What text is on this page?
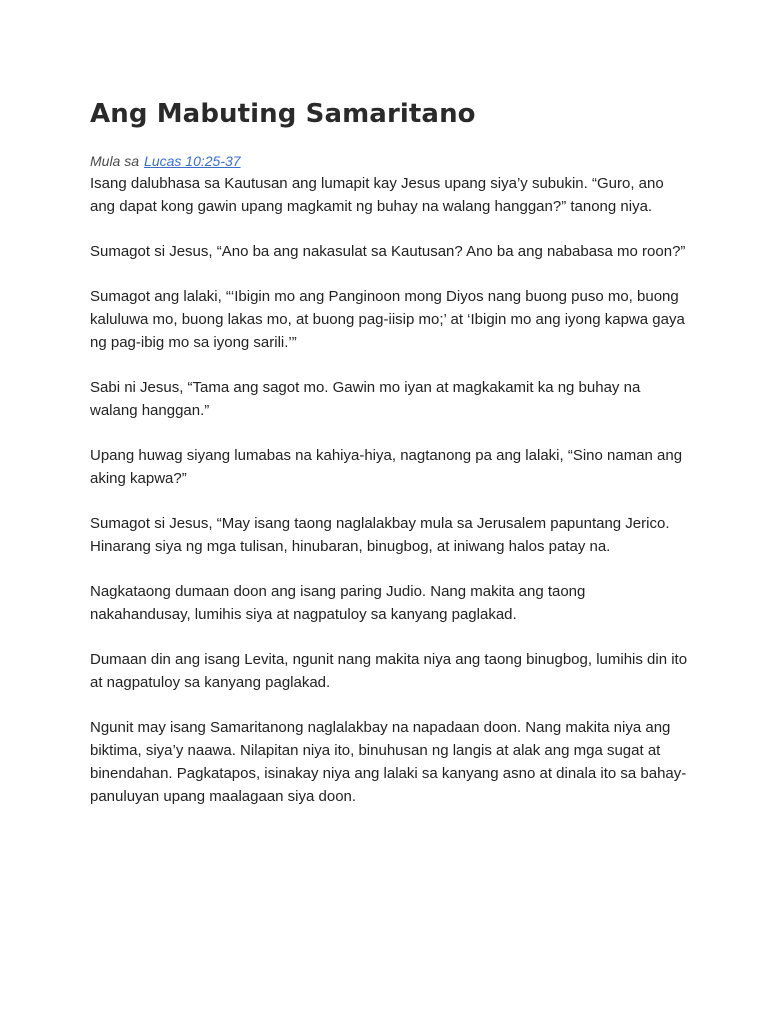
Ang Mabuting Samaritano
Mula sa Lucas 10:25-37

Isang dalubhasa sa Kautusan ang lumapit kay Jesus upang siya’y subukin. “Guro, ano ang dapat kong gawin upang magkamit ng buhay na walang hanggan?” tanong niya.

Sumagot si Jesus, “Ano ba ang nakasulat sa Kautusan? Ano ba ang nababasa mo roon?”

Sumagot ang lalaki, “‘Ibigin mo ang Panginoon mong Diyos nang buong puso mo, buong kaluluwa mo, buong lakas mo, at buong pag-iisip mo;’ at ‘Ibigin mo ang iyong kapwa gaya ng pag-ibig mo sa iyong sarili.’”

Sabi ni Jesus, “Tama ang sagot mo. Gawin mo iyan at magkakamit ka ng buhay na walang hanggan.”

Upang huwag siyang lumabas na kahiya-hiya, nagtanong pa ang lalaki, “Sino naman ang aking kapwa?”

Sumagot si Jesus, “May isang taong naglalakbay mula sa Jerusalem papuntang Jerico. Hinarang siya ng mga tulisan, hinubaran, binugbog, at iniwang halos patay na.

Nagkataong dumaan doon ang isang paring Judio. Nang makita ang taong nakahandusay, lumihis siya at nagpatuloy sa kanyang paglakad.

Dumaan din ang isang Levita, ngunit nang makita niya ang taong binugbog, lumihis din ito at nagpatuloy sa kanyang paglakad.

Ngunit may isang Samaritanong naglalakbay na napadaan doon. Nang makita niya ang biktima, siya’y naawa. Nilapitan niya ito, binuhusan ng langis at alak ang mga sugat at binendahan. Pagkatapos, isinakay niya ang lalaki sa kanyang asno at dinala ito sa bahay-panuluyan upang maalagaan siya doon.
